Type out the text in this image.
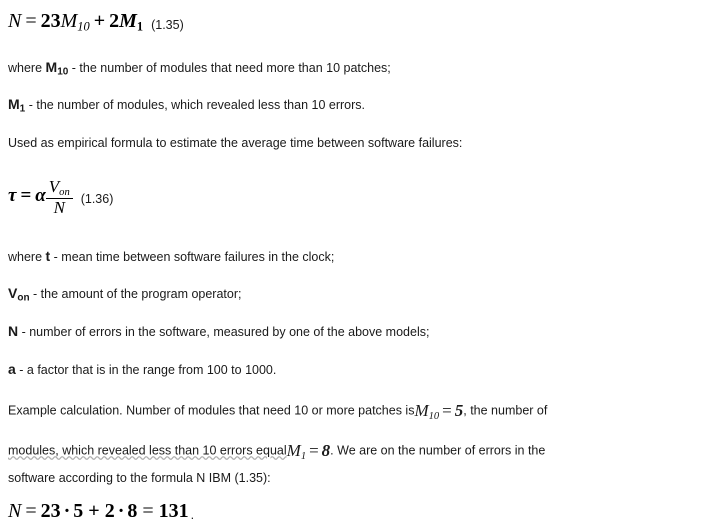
$N = 23M_{10} + 2M1$ (1.35)
where $M_{10}$ - the number of modules that need more than 10 patches;
$M_1$ - the number of modules, which revealed less than 10 errors.
Used as empirical formula to estimate the average time between software failures:
τ = α $\frac{V_{оп}}{N} (1.36)$
where t - mean time between software failures in the clock;
$V_{on}$ - the amount of the program operator;
N - number of errors in the software, measured by one of the above models;
a - a factor that is in the range from 100 to 1000.
Example calculation. Number of modules that need 10 or more patches isM$_{10}$ = 5, the number of
modules, which revealed less than 10 errors equalM$_1$ = 8. We are on the number of errors in the
software according to the formula N IBM (1.35):
N = 23 · 5 + 2 · 8 = 131 .
